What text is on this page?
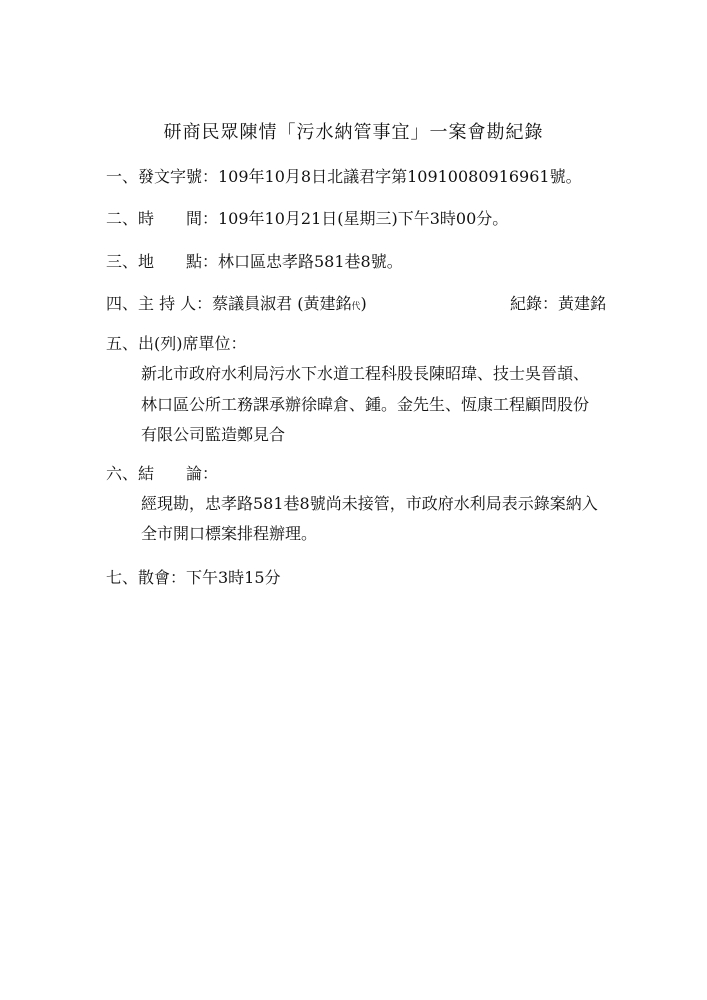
研商民眾陳情「污水納管事宜」一案會勘紀錄
一、發文字號：109年10月8日北議君字第10910080916961號。
二、時　　間：109年10月21日(星期三)下午3時00分。
三、地　　點：林口區忠孝路581巷8號。
四、主 持 人：蔡議員淑君 (黃建銘代)	紀錄：黃建銘
五、出(列)席單位：
新北市政府水利局污水下水道工程科股長陳昭瑋、技士吳晉頡、
林口區公所工務課承辦徐暐倉、鍾。金先生、恆康工程顧問股份
有限公司監造鄭見合
六、結　　論：
經現勘，忠孝路581巷8號尚未接管，市政府水利局表示錄案納入
全市開口標案排程辦理。
七、散會：下午3時15分
